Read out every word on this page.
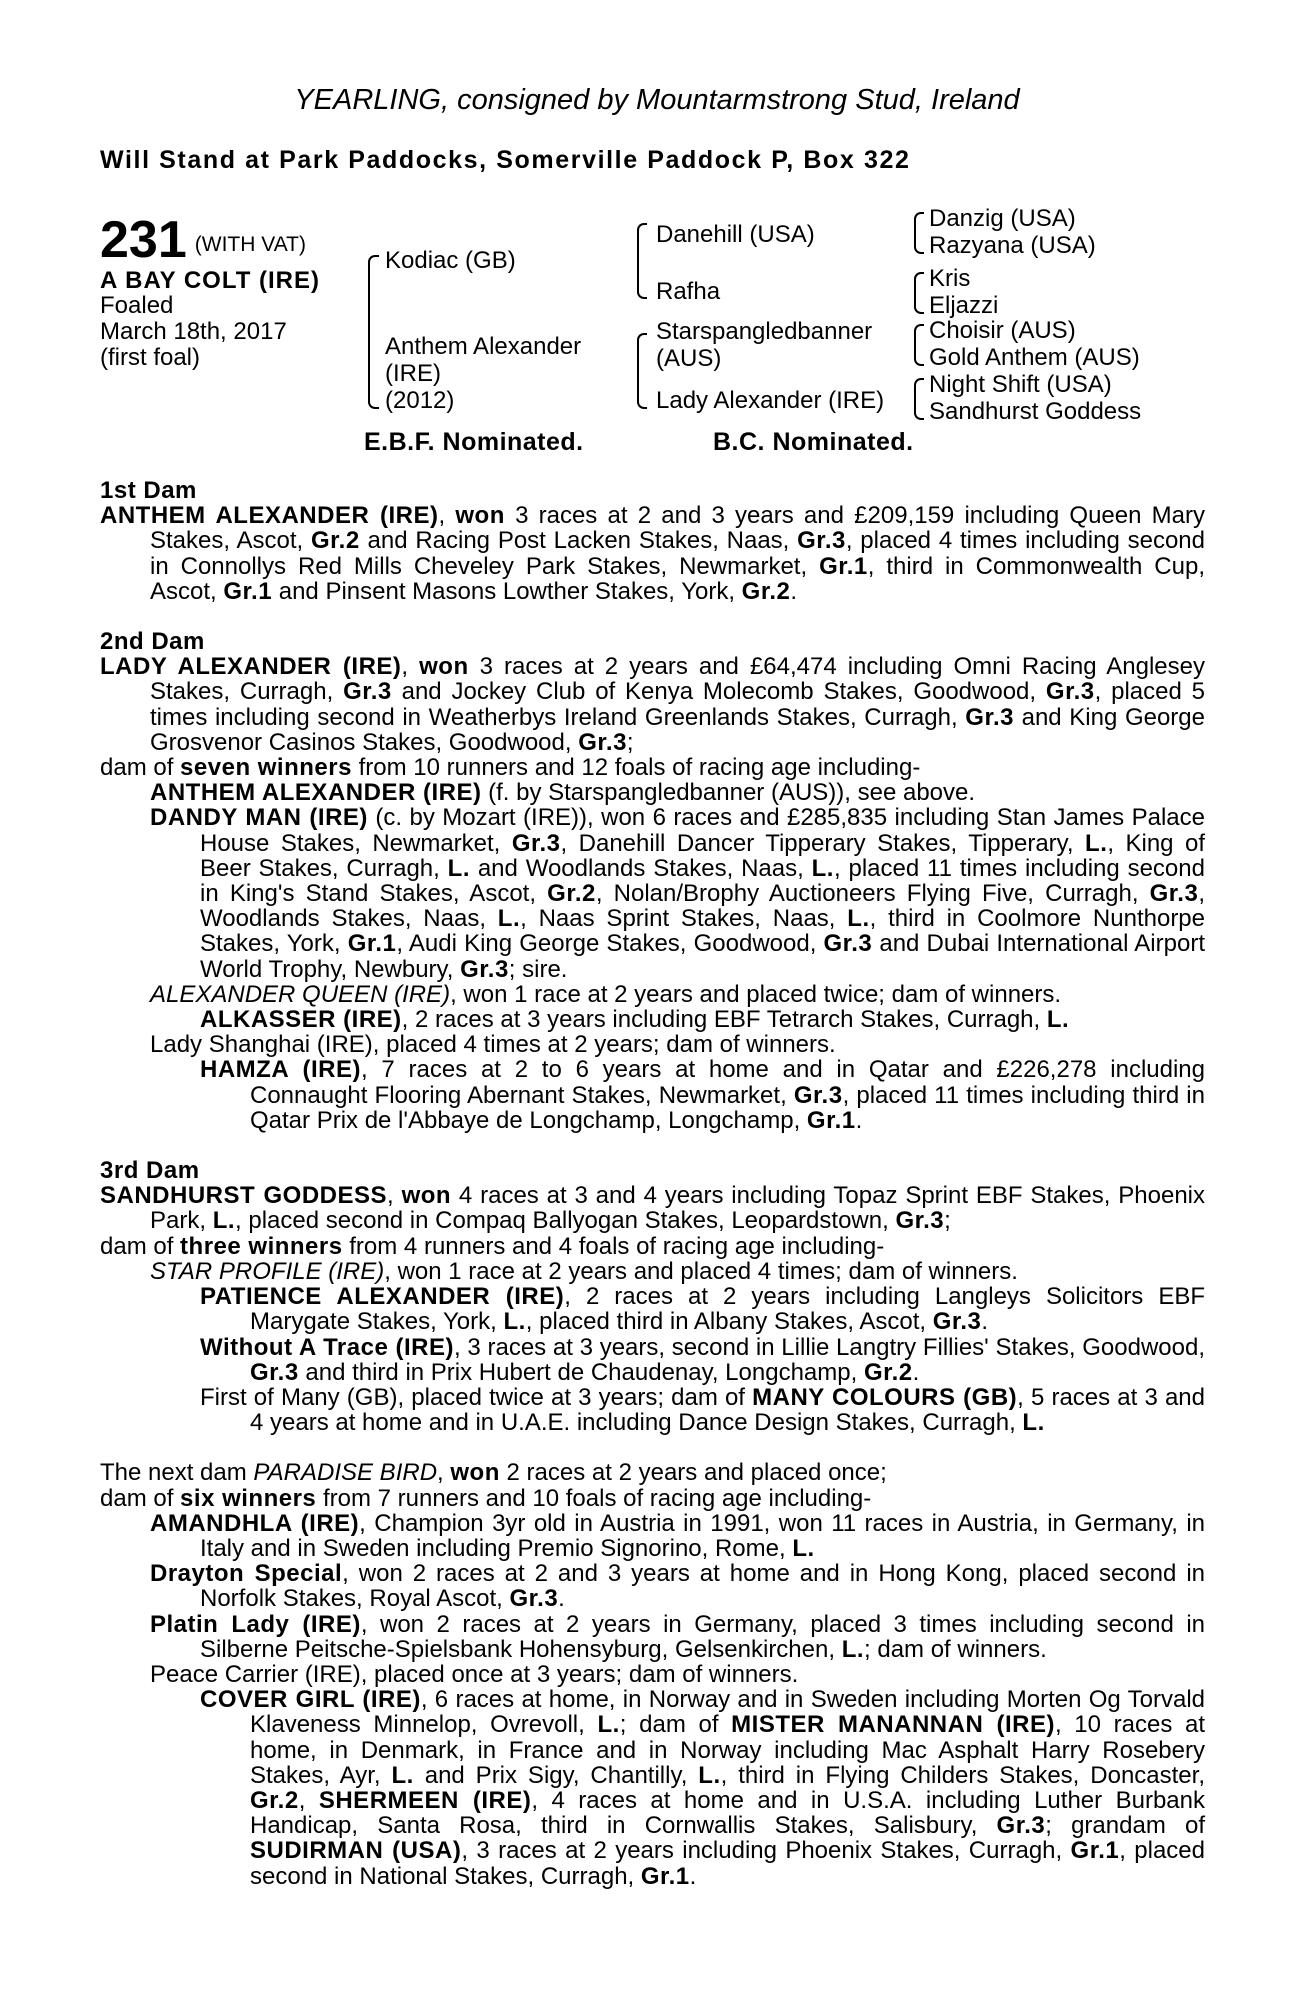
YEARLING, consigned by Mountarmstrong Stud, Ireland
Will Stand at Park Paddocks, Somerville Paddock P, Box 322
231 (WITH VAT)
A BAY COLT (IRE)
Foaled
March 18th, 2017
(first foal)
Kodiac (GB)
Anthem Alexander
(IRE)
(2012)
Danehill (USA)
Rafha
Starspangledbanner
(AUS)
Lady Alexander (IRE)
Danzig (USA)
Razyana (USA)
Kris
Eljazzi
Choisir (AUS)
Gold Anthem (AUS)
Night Shift (USA)
Sandhurst Goddess
E.B.F. Nominated.	B.C. Nominated.
1st Dam

ANTHEM ALEXANDER (IRE), won 3 races at 2 and 3 years and £209,159 including Queen Mary Stakes, Ascot, Gr.2 and Racing Post Lacken Stakes, Naas, Gr.3, placed 4 times including second in Connollys Red Mills Cheveley Park Stakes, Newmarket, Gr.1, third in Commonwealth Cup, Ascot, Gr.1 and Pinsent Masons Lowther Stakes, York, Gr.2.

2nd Dam

LADY ALEXANDER (IRE), won 3 races at 2 years and £64,474 including Omni Racing Anglesey Stakes, Curragh, Gr.3 and Jockey Club of Kenya Molecomb Stakes, Goodwood, Gr.3, placed 5 times including second in Weatherbys Ireland Greenlands Stakes, Curragh, Gr.3 and King George Grosvenor Casinos Stakes, Goodwood, Gr.3;

dam of seven winners from 10 runners and 12 foals of racing age including-

ANTHEM ALEXANDER (IRE) (f. by Starspangledbanner (AUS)), see above.

DANDY MAN (IRE) (c. by Mozart (IRE)), won 6 races and £285,835 including Stan James Palace House Stakes, Newmarket, Gr.3, Danehill Dancer Tipperary Stakes, Tipperary, L., King of Beer Stakes, Curragh, L. and Woodlands Stakes, Naas, L., placed 11 times including second in King's Stand Stakes, Ascot, Gr.2, Nolan/Brophy Auctioneers Flying Five, Curragh, Gr.3, Woodlands Stakes, Naas, L., Naas Sprint Stakes, Naas, L., third in Coolmore Nunthorpe Stakes, York, Gr.1, Audi King George Stakes, Goodwood, Gr.3 and Dubai International Airport World Trophy, Newbury, Gr.3; sire.

ALEXANDER QUEEN (IRE), won 1 race at 2 years and placed twice; dam of winners.

ALKASSER (IRE), 2 races at 3 years including EBF Tetrarch Stakes, Curragh, L.

Lady Shanghai (IRE), placed 4 times at 2 years; dam of winners.

HAMZA (IRE), 7 races at 2 to 6 years at home and in Qatar and £226,278 including Connaught Flooring Abernant Stakes, Newmarket, Gr.3, placed 11 times including third in Qatar Prix de l'Abbaye de Longchamp, Longchamp, Gr.1.

3rd Dam

SANDHURST GODDESS, won 4 races at 3 and 4 years including Topaz Sprint EBF Stakes, Phoenix Park, L., placed second in Compaq Ballyogan Stakes, Leopardstown, Gr.3;

dam of three winners from 4 runners and 4 foals of racing age including-

STAR PROFILE (IRE), won 1 race at 2 years and placed 4 times; dam of winners.

PATIENCE ALEXANDER (IRE), 2 races at 2 years including Langleys Solicitors EBF Marygate Stakes, York, L., placed third in Albany Stakes, Ascot, Gr.3.

Without A Trace (IRE), 3 races at 3 years, second in Lillie Langtry Fillies' Stakes, Goodwood, Gr.3 and third in Prix Hubert de Chaudenay, Longchamp, Gr.2.

First of Many (GB), placed twice at 3 years; dam of MANY COLOURS (GB), 5 races at 3 and 4 years at home and in U.A.E. including Dance Design Stakes, Curragh, L.

The next dam PARADISE BIRD, won 2 races at 2 years and placed once;

dam of six winners from 7 runners and 10 foals of racing age including-

AMANDHLA (IRE), Champion 3yr old in Austria in 1991, won 11 races in Austria, in Germany, in Italy and in Sweden including Premio Signorino, Rome, L.

Drayton Special, won 2 races at 2 and 3 years at home and in Hong Kong, placed second in Norfolk Stakes, Royal Ascot, Gr.3.

Platin Lady (IRE), won 2 races at 2 years in Germany, placed 3 times including second in Silberne Peitsche-Spielsbank Hohensyburg, Gelsenkirchen, L.; dam of winners.

Peace Carrier (IRE), placed once at 3 years; dam of winners.

COVER GIRL (IRE), 6 races at home, in Norway and in Sweden including Morten Og Torvald Klaveness Minnelop, Ovrevoll, L.; dam of MISTER MANANNAN (IRE), 10 races at home, in Denmark, in France and in Norway including Mac Asphalt Harry Rosebery Stakes, Ayr, L. and Prix Sigy, Chantilly, L., third in Flying Childers Stakes, Doncaster, Gr.2, SHERMEEN (IRE), 4 races at home and in U.S.A. including Luther Burbank Handicap, Santa Rosa, third in Cornwallis Stakes, Salisbury, Gr.3; grandam of SUDIRMAN (USA), 3 races at 2 years including Phoenix Stakes, Curragh, Gr.1, placed second in National Stakes, Curragh, Gr.1.
